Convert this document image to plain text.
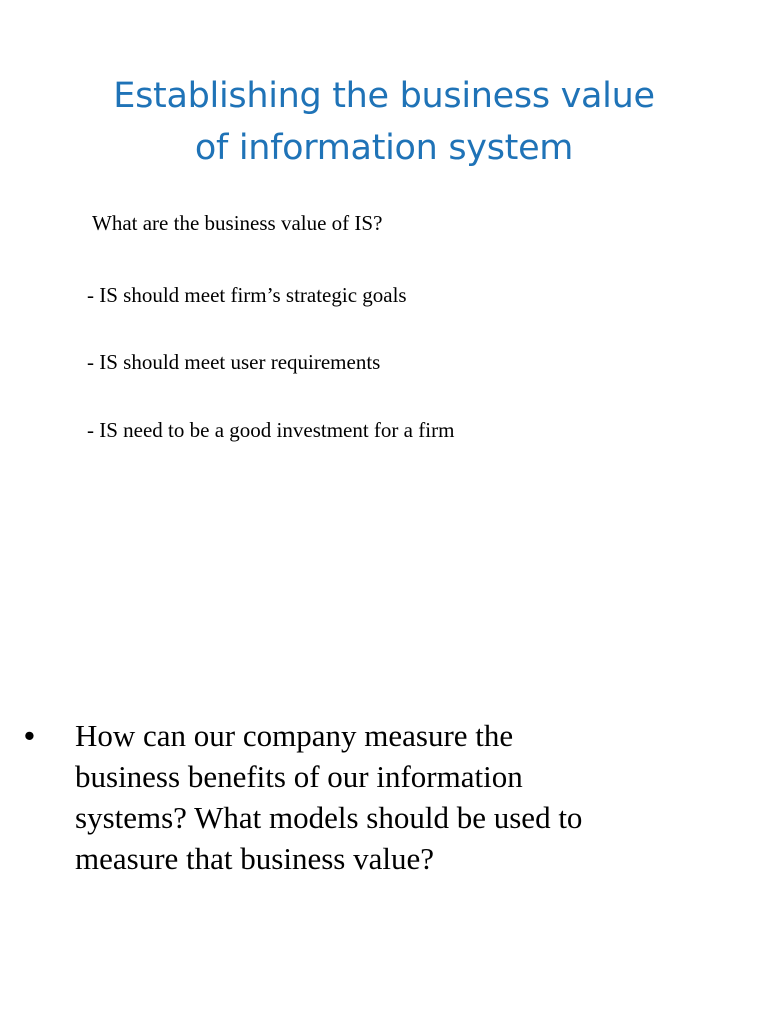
Establishing the business value
of information system
What are the business value of IS?
- IS should meet firm’s strategic goals
- IS should meet user requirements
- IS need to be a good investment for a firm
•	How can our company measure the
business benefits of our information
systems? What models should be used to
measure that business value?
